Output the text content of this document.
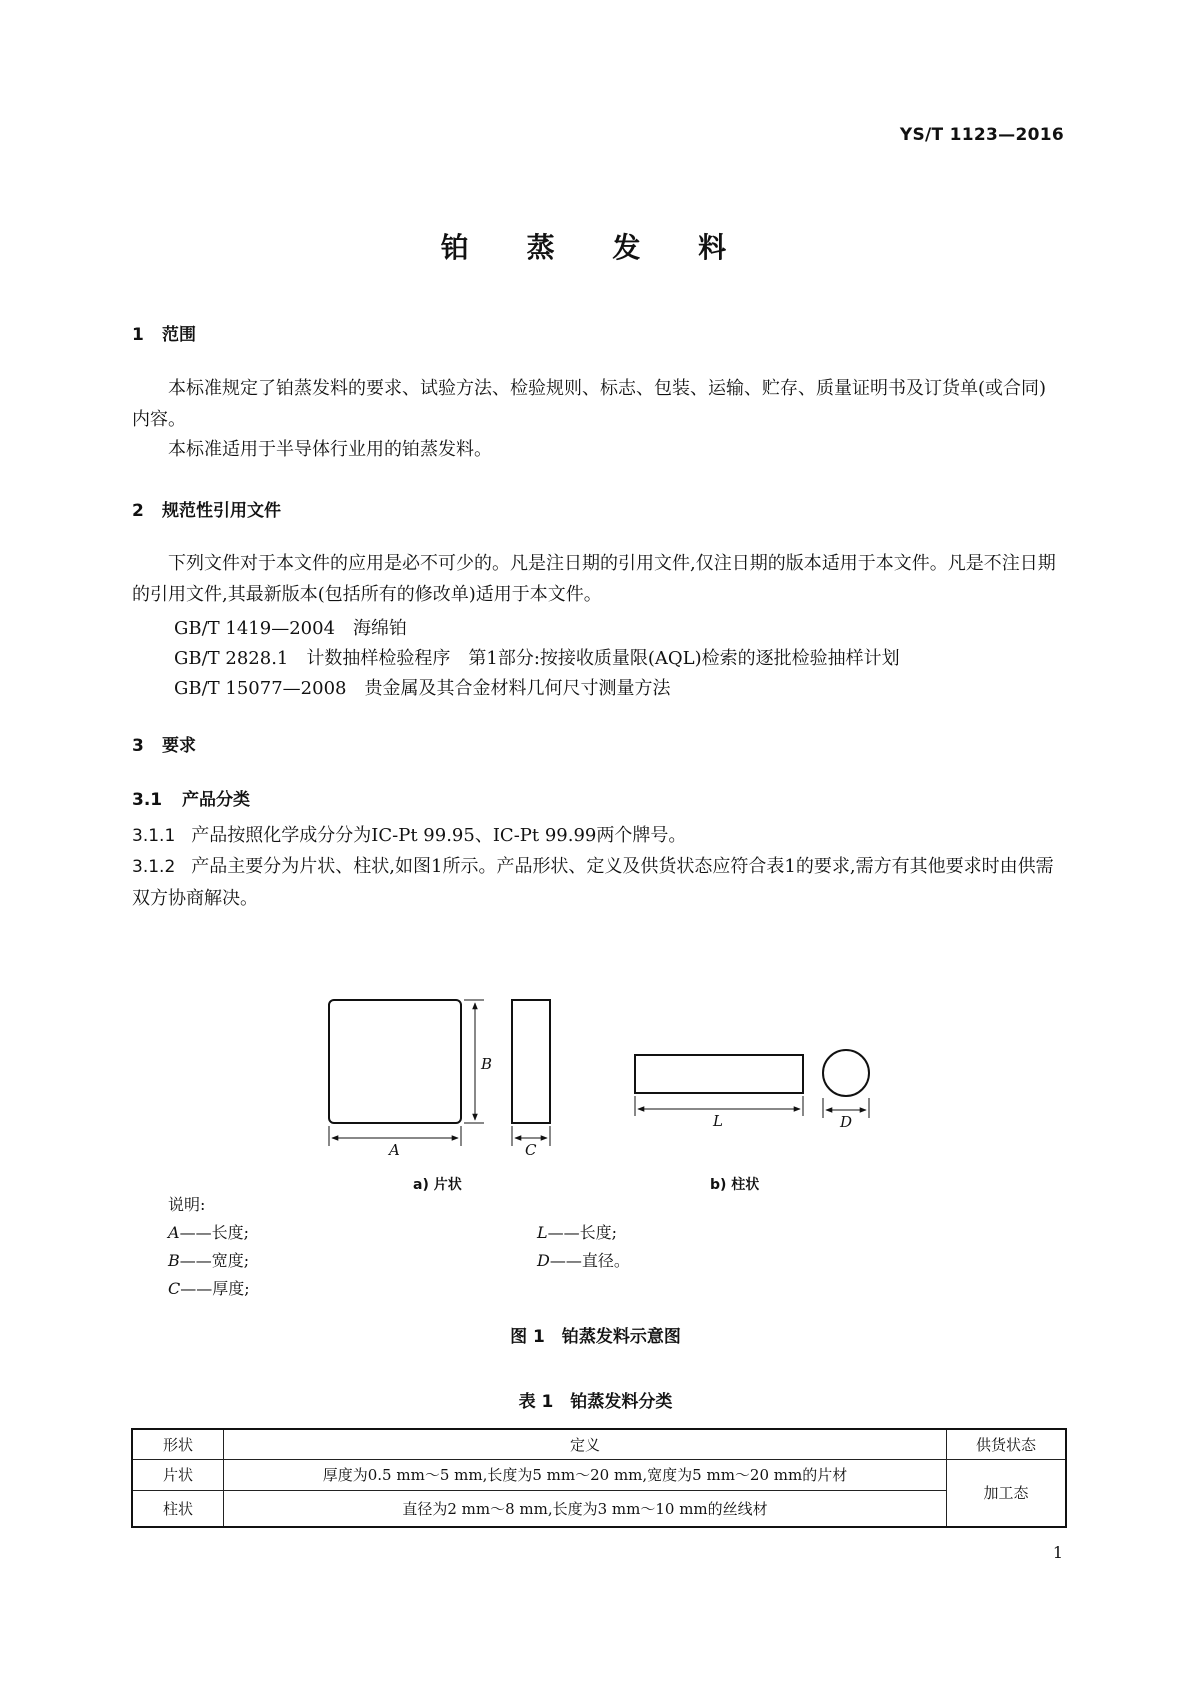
YS/T 1123—2016
铂 蒸 发 料
1 范围
本标准规定了铂蒸发料的要求、试验方法、检验规则、标志、包装、运输、贮存、质量证明书及订货单(或合同)内容。
本标准适用于半导体行业用的铂蒸发料。
2 规范性引用文件
下列文件对于本文件的应用是必不可少的。凡是注日期的引用文件,仅注日期的版本适用于本文件。凡是不注日期的引用文件,其最新版本(包括所有的修改单)适用于本文件。
GB/T 1419—2004　海绵铂
GB/T 2828.1　计数抽样检验程序　第1部分:按接收质量限(AQL)检索的逐批检验抽样计划
GB/T 15077—2008　贵金属及其合金材料几何尺寸测量方法
3 要求
3.1 产品分类
3.1.1 产品按照化学成分分为IC-Pt 99.95、IC-Pt 99.99两个牌号。
3.1.2 产品主要分为片状、柱状,如图1所示。产品形状、定义及供货状态应符合表1的要求,需方有其他要求时由供需双方协商解决。
B
A	C
L	D
a) 片状	b) 柱状
说明:
A——长度;
B——宽度;
C——厚度;
L——长度;
D——直径。
图 1　铂蒸发料示意图
表 1　铂蒸发料分类
形状	定义	供货状态
片状	厚度为0.5 mm～5 mm,长度为5 mm～20 mm,宽度为5 mm～20 mm的片材	加工态
柱状	直径为2 mm～8 mm,长度为3 mm～10 mm的丝线材	
1
